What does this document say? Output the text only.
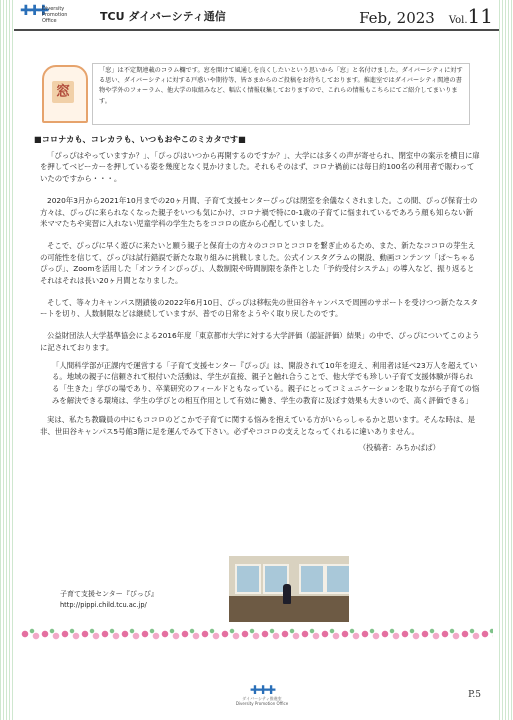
✚✚✚
Diversity
Promotion
Office	TCU ダイバーシティ通信	Feb, 2023 Vol.11
窓
「窓」は不定期連載のコラム欄です。窓を開けて風通しを良くしたいという思いから「窓」と名付けました。ダイバーシティに対する思い、ダイバーシティに対する戸惑いや期待等、皆さまからのご投稿をお待ちしております。推進室ではダイバーシティ関連の書物や学外のフォーラム、他大学の取組みなど、幅広く情報収集しておりますので、これらの情報もこちらにてご紹介してまいります。
■コロナカも、コレカラも、いつもおやこのミカタです■

「ぴっぴはやっていますか？」、「ぴっぴはいつから再開するのですか？」、大学には多くの声が寄せられ、閉室中の案示を横目に扉を押してベビーカーを押している姿を幾度となく見かけました。それもそのはず、コロナ禍前には毎日約100名の利用者で賑わっていたのですから・・・。

2020年3月から2021年10月までの20ヶ月間、子育て支援センターぴっぴは閉室を余儀なくされました。この間、ぴっぴ保育士の方々は、ぴっぴに来られなくなった親子をいつも気にかけ、コロナ禍で特に0-1歳の子育てに悩まれているであろう顔も知らない新米ママたちや実習に入れない児童学科の学生たちをココロの底から心配していました。

そこで、ぴっぴに早く遊びに来たいと願う親子と保育士の方々のココロとココロを繋ぎ止めるため、また、新たなココロの芽生えの可能性を信じて、ぴっぴは試行錯誤で新たな取り組みに挑戦しました。公式インスタグラムの開設、動画コンテンツ「ぱ～ちゃるぴっぴ」、Zoomを活用した「オンラインぴっぴ」、人数制限や時間制限を条件とした「予約受付システム」の導入など、振り返るとそれはそれは長い20ヶ月間となりました。

そして、等々力キャンパス閉鎖後の2022年6月10日、ぴっぴは移転先の世田谷キャンパスで周囲のサポートを受けつつ新たなスタートを切り、人数制限などは継続していますが、普での日常をようやく取り戻したのです。

公益財団法人大学基準協会による2016年度「東京都市大学に対する大学評価（認証評価）結果」の中で、ぴっぴについてこのように記されております。

「人間科学部が正課内で運営する「子育て支援センター『ぴっぴ』は、開設されて10年を迎え、利用者は延べ23万人を超えている。地域の親子に信頼されて根付いた活動は、学生が直接、親子と触れ合うことで、他大学でも珍しい子育て支援体験が得られる「生きた」学びの場であり、卒業研究のフィールドともなっている。親子にとってコミュニケーションを取りながら子育ての悩みを解決できる環境は、学生の学びとの相互作用として有効に働き、学生の教育に及ぼす効果も大きいので、高く評価できる」

実は、私たち教職員の中にもココロのどこかで子育てに関する悩みを抱えている方がいらっしゃるかと思います。そんな時は、是非、世田谷キャンパス5号館3階に足を運んでみて下さい。必ずやココロの支えとなってくれるに違いありません。

（投稿者：みちかぱぱ）
子育て支援センター『ぴっぴ』
http://pippi.child.tcu.ac.jp/
✚✚✚
ダイバーシティ推進室
Diversity Promotion Office
P.5
